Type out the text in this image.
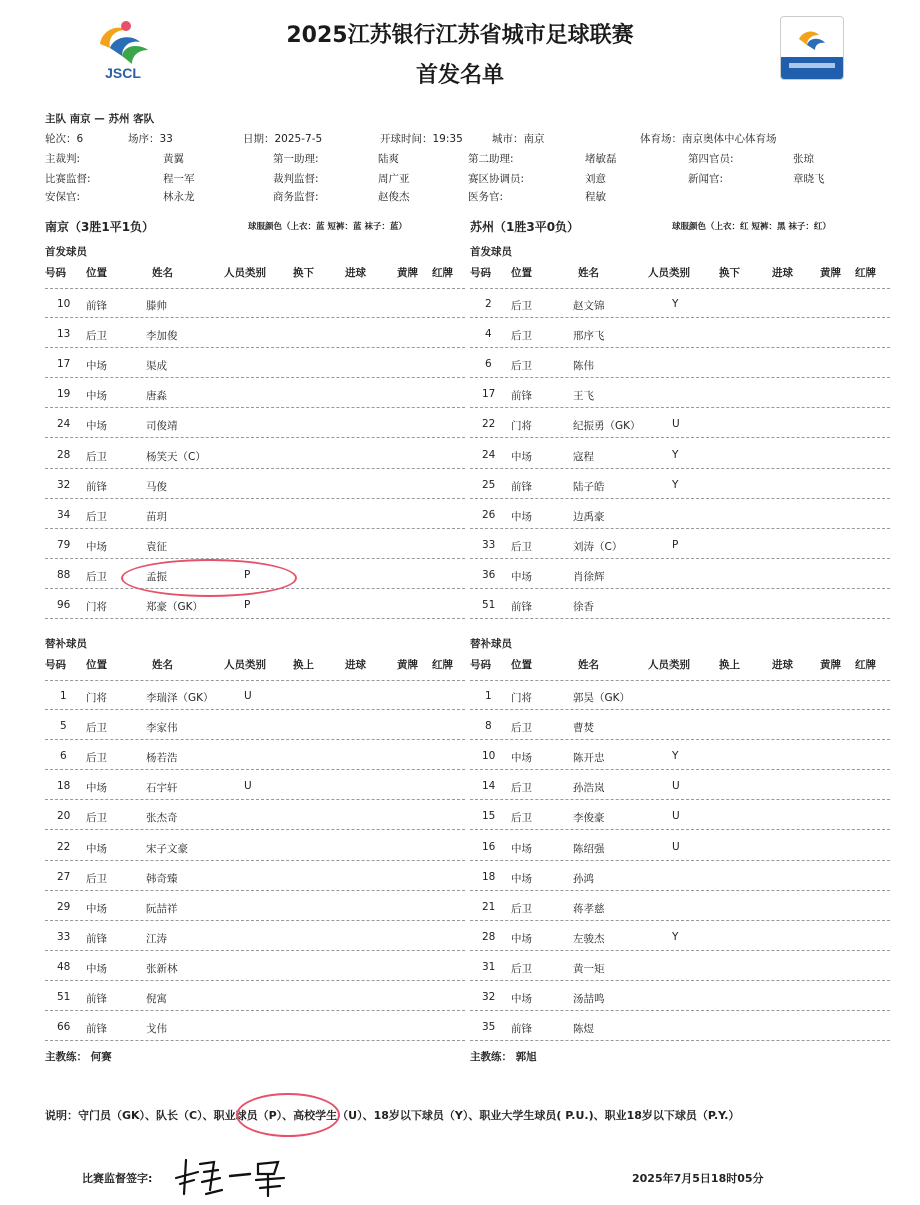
JSCL
2025江苏银行江苏省城市足球联赛
首发名单
主队 南京 — 苏州 客队
轮次：6	场序：33	日期：2025-7-5	开球时间：19:35	城市：南京	体育场：南京奥体中心体育场
主裁判:	黄翼	第一助理:	陆爽	第二助理:	堵敏磊	第四官员:	张琼
比赛监督:	程一军	裁判监督:	周广亚	赛区协调员:	刘意	新闻官:	章晓飞
安保官:	林永龙	商务监督:	赵俊杰	医务官:	程敏
南京（3胜1平1负）	球服颜色（上衣：蓝 短裤：蓝 袜子：蓝）	苏州（1胜3平0负）	球服颜色（上衣：红 短裤：黑 袜子：红）
首发球员	首发球员
号码 位置	姓名	人员类别	换下	进球	黄牌 红牌
10 前锋	滕帅
13 后卫	李加俊
17 中场	渠成
19 中场	唐淼
24 中场	司俊靖
28 后卫	杨笑天（C）
32 前锋	马俊
34 后卫	苗玥
79 中场	袁征
88 后卫	孟振	P
96 门将	郑豪（GK）	P
号码 位置	姓名	人员类别	换下	进球	黄牌 红牌
2 后卫	赵文锦	Y
4 后卫	邢序飞
6 后卫	陈伟
17 前锋	王飞
22 门将	纪振勇（GK）	U
24 中场	寇程	Y
25 前锋	陆子皓	Y
26 中场	边禹豪
33 后卫	刘涛（C）	P
36 中场	肖徐辉
51 前锋	徐香
替补球员	替补球员
号码 位置	姓名	人员类别	换上	进球	黄牌 红牌
1 门将	李瑞泽（GK）	U
5 后卫	李家伟
6 后卫	杨若浩
18 中场	石宇轩	U
20 后卫	张杰奇
22 中场	宋子文豪
27 后卫	韩奇臻
29 中场	阮喆祥
33 前锋	江涛
48 中场	张新林
51 前锋	倪寓
66 前锋	戈伟
号码 位置	姓名	人员类别	换上	进球	黄牌 红牌
1 门将	郭昊（GK）
8 后卫	曹焚
10 中场	陈开忠	Y
14 后卫	孙浩岚	U
15 后卫	李俊豪	U
16 中场	陈绍强	U
18 中场	孙鸿
21 后卫	蒋孝慈
28 中场	左骏杰	Y
31 后卫	黄一矩
32 中场	汤喆鸣
35 前锋	陈煜
主教练： 何赛	主教练： 郭旭
说明：守门员（GK）、队长（C）、职业球员（P）、高校学生（U）、18岁以下球员（Y）、职业大学生球员( P.U.)、职业18岁以下球员（P.Y.）
比赛监督签字:	2025年7月5日18时05分
